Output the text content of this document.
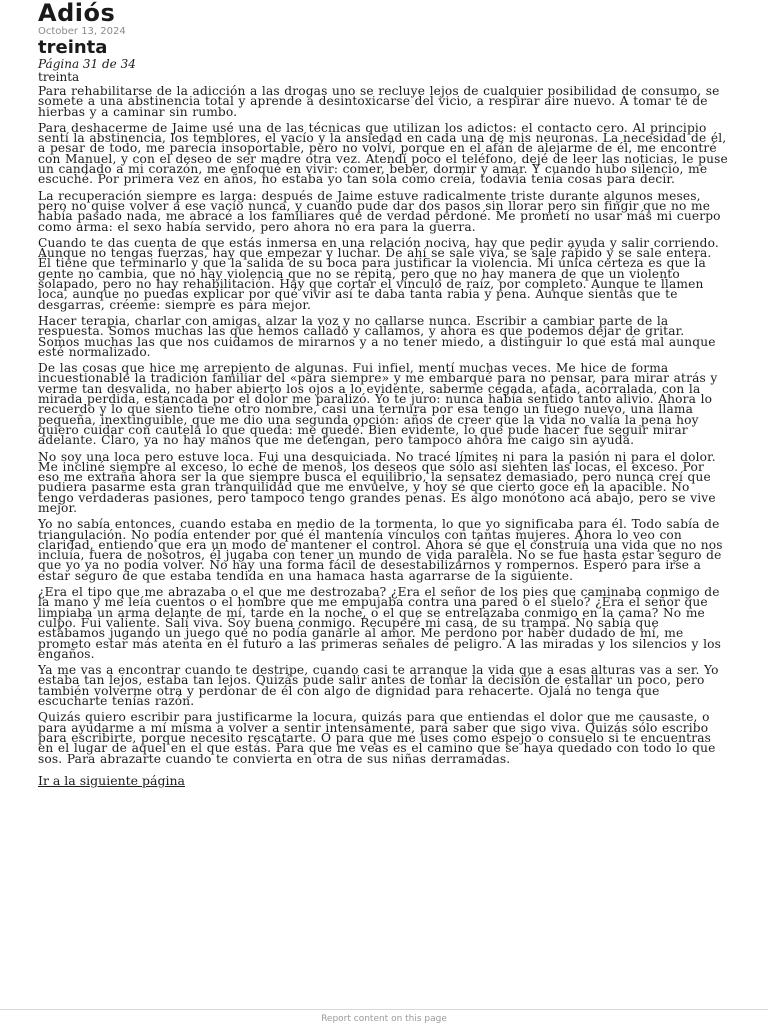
Adiós
October 13, 2024
treinta
Página 31 de 34
treinta

Para rehabilitarse de la adicción a las drogas uno se recluye lejos de cualquier posibilidad de consumo, se somete a una abstinencia total y aprende a desintoxicarse del vicio, a respirar aire nuevo. A tomar té de hierbas y a caminar sin rumbo.

Para deshacerme de Jaime usé una de las técnicas que utilizan los adictos: el contacto cero. Al principio sentí la abstinencia, los temblores, el vacío y la ansiedad en cada una de mis neuronas. La necesidad de él, a pesar de todo, me parecía insoportable, pero no volví, porque en el afán de alejarme de él, me encontré con Manuel, y con el deseo de ser madre otra vez. Atendí poco el teléfono, dejé de leer las noticias, le puse un candado a mi corazón, me enfoqué en vivir: comer, beber, dormir y amar. Y cuando hubo silencio, me escuché. Por primera vez en años, no estaba yo tan sola como creía, todavía tenía cosas para decir.

La recuperación siempre es larga: después de Jaime estuve radicalmente triste durante algunos meses, pero no quise volver a ese vacío nunca, y cuando pude dar dos pasos sin llorar pero sin fingir que no me había pasado nada, me abracé a los familiares que de verdad perdoné. Me prometí no usar más mi cuerpo como arma: el sexo había servido, pero ahora no era para la guerra.

Cuando te das cuenta de que estás inmersa en una relación nociva, hay que pedir ayuda y salir corriendo. Aunque no tengas fuerzas, hay que empezar y luchar. De ahí se sale viva, se sale rápido y se sale entera. Él tiene que terminarlo y que la salida de su boca para justificar la violencia. Mi única certeza es que la gente no cambia, que no hay violencia que no se repita, pero que no hay manera de que un violento solapado, pero no hay rehabilitación. Hay que cortar el vínculo de raíz, por completo. Aunque te llamen loca, aunque no puedas explicar por qué vivir así te daba tanta rabia y pena. Aunque sientas que te desgarras, créeme: siempre es para mejor.

Hacer terapia, charlar con amigas, alzar la voz y no callarse nunca. Escribir a cambiar parte de la respuesta. Somos muchas las que hemos callado y callamos, y ahora es que podemos dejar de gritar. Somos muchas las que nos cuidamos de mirarnos y a no tener miedo, a distinguir lo que está mal aunque esté normalizado.

De las cosas que hice me arrepiento de algunas. Fui infiel, mentí muchas veces. Me hice de forma incuestionable la tradición familiar del «para siempre» y me embarqué para no pensar, para mirar atrás y verme tan desvalida, no haber abierto los ojos a lo evidente, saberme cegada, atada, acorralada, con la mirada perdida, estancada por el dolor me paralizó. Yo te juro: nunca había sentido tanto alivio. Ahora lo recuerdo y lo que siento tiene otro nombre, casi una ternura por esa tengo un fuego nuevo, una llama pequeña, inextinguible, que me dio una segunda opción: años de creer que la vida no valía la pena hoy quiero cuidar con cautela lo que queda: me quedé. Bien evidente, lo que pude hacer fue seguir mirar adelante. Claro, ya no hay manos que me detengan, pero tampoco ahora me caigo sin ayuda.

No soy una loca pero estuve loca. Fui una desquiciada. No tracé límites ni para la pasión ni para el dolor. Me incliné siempre al exceso, lo eché de menos, los deseos que sólo así sienten las locas, el exceso. Por eso me extraña ahora ser la que siempre busca el equilibrio, la sensatez demasiado, pero nunca creí que pudiera pasarme esta gran tranquilidad que me envuelve, y hoy sé que cierto goce en la apacible. No tengo verdaderas pasiones, pero tampoco tengo grandes penas. Es algo monótono acá abajo, pero se vive mejor.

Yo no sabía entonces, cuando estaba en medio de la tormenta, lo que yo significaba para él. Todo sabía de triangulación. No podía entender por qué él mantenía vínculos con tantas mujeres. Ahora lo veo con claridad, entiendo que era un modo de mantener el control. Ahora sé que el construía una vida que no nos incluía, fuera de nosotros, él jugaba con tener un mundo de vida paralela. No se fue hasta estar seguro de que yo ya no podía volver. No hay una forma fácil de desestabilizarnos y rompernos. Esperó para irse a estar seguro de que estaba tendida en una hamaca hasta agarrarse de la siguiente.

¿Era el tipo que me abrazaba o el que me destrozaba? ¿Era el señor de los pies que caminaba conmigo de la mano y me leía cuentos o el hombre que me empujaba contra una pared o el suelo? ¿Era el señor que limpiaba un arma delante de mí, tarde en la noche, o el que se entrelazaba conmigo en la cama? No me culpo. Fui valiente. Salí viva. Soy buena conmigo. Recuperé mi casa, de su trampa. No sabía que estábamos jugando un juego que no podía ganarle al amor. Me perdono por haber dudado de mí, me prometo estar más atenta en el futuro a las primeras señales de peligro. A las miradas y los silencios y los engaños.

Ya me vas a encontrar cuando te destripe, cuando casi te arranque la vida que a esas alturas vas a ser. Yo estaba tan lejos, estaba tan lejos. Quizás pude salir antes de tomar la decisión de estallar un poco, pero también volverme otra y perdonar de él con algo de dignidad para rehacerte. Ojalá no tenga que escucharte tenías razón.

Quizás quiero escribir para justificarme la locura, quizás para que entiendas el dolor que me causaste, o para ayudarme a mí misma a volver a sentir intensamente, para saber que sigo viva. Quizás sólo escribo para escribirte, porque necesito rescatarte. O para que me uses como espejo o consuelo si te encuentras en el lugar de aquel en el que estás. Para que me veas es el camino que se haya quedado con todo lo que sos. Para abrazarte cuando te convierta en otra de sus niñas derramadas.

Ir a la siguiente página
Report content on this page
